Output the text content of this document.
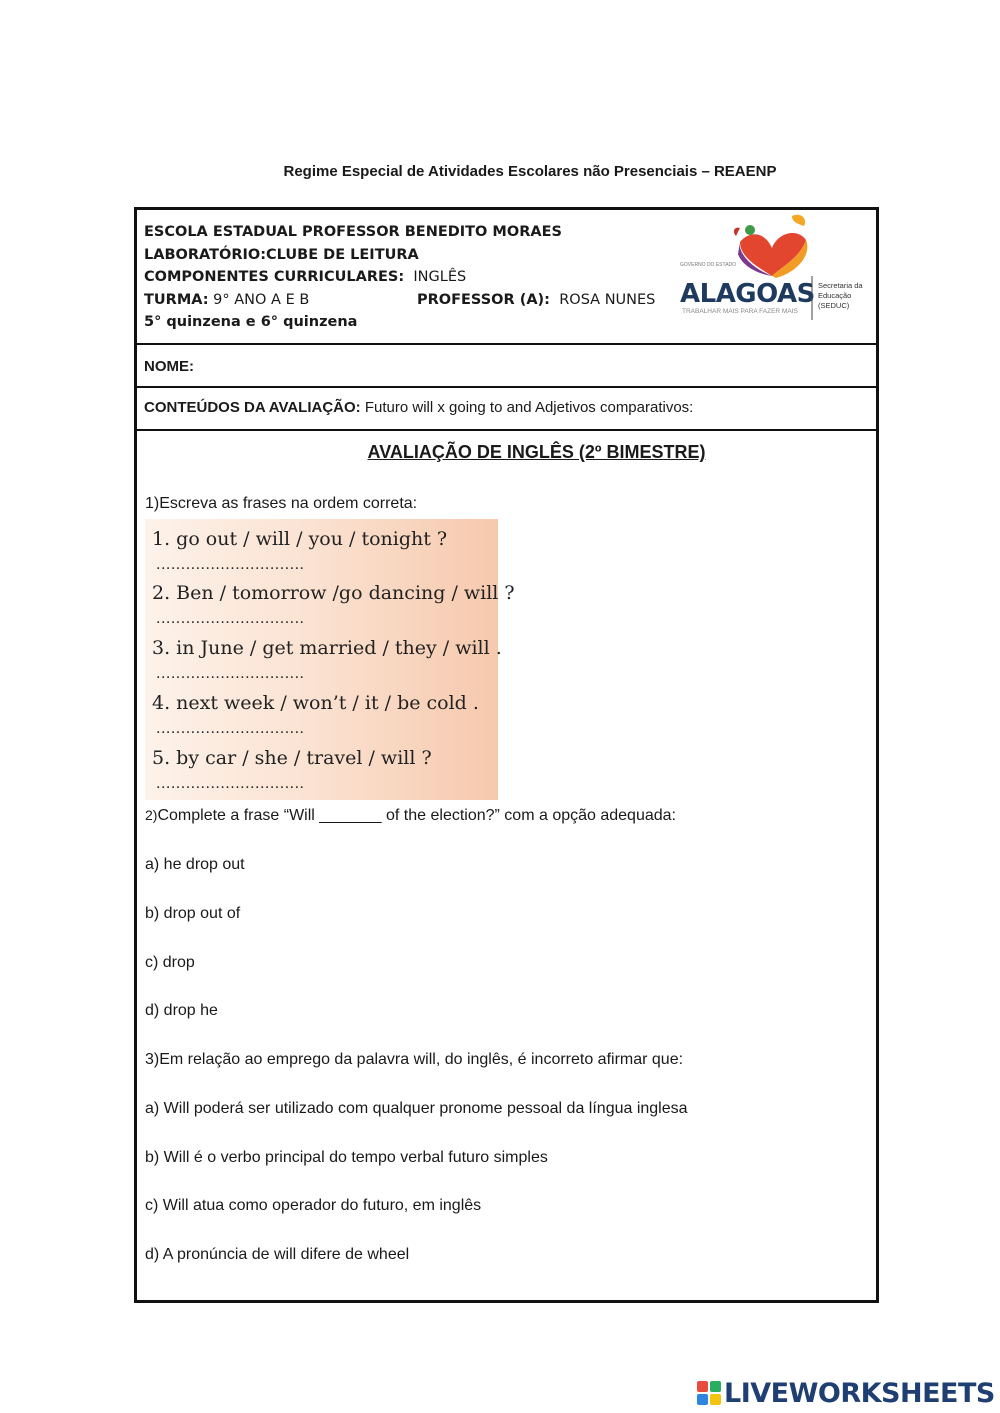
Regime Especial de Atividades Escolares não Presenciais – REAENP
ESCOLA ESTADUAL PROFESSOR BENEDITO MORAES
LABORATÓRIO:CLUBE DE LEITURA
COMPONENTES CURRICULARES: INGLÊS
TURMA: 9° ANO A E B	PROFESSOR (A): ROSA NUNES
5° quinzena e 6° quinzena
GOVERNO DO ESTADO
ALAGOAS
TRABALHAR MAIS PARA FAZER MAIS
Secretaria da
Educação
(SEDUC)
NOME:
CONTEÚDOS DA AVALIAÇÃO: Futuro will x going to and Adjetivos comparativos:
AVALIAÇÃO DE INGLÊS (2º BIMESTRE)
1)Escreva as frases na ordem correta:
1. go out / will / you / tonight ?
..............................
2. Ben / tomorrow /go dancing / will ?
..............................
3. in June / get married / they / will .
..............................
4. next week / won’t / it / be cold .
..............................
5. by car / she / travel / will ?
..............................
2)Complete a frase “Will _______ of the election?” com a opção adequada:
a) he drop out
b) drop out of
c) drop
d) drop he
3)Em relação ao emprego da palavra will, do inglês, é incorreto afirmar que:
a) Will poderá ser utilizado com qualquer pronome pessoal da língua inglesa
b) Will é o verbo principal do tempo verbal futuro simples
c) Will atua como operador do futuro, em inglês
d) A pronúncia de will difere de wheel
LIVEWORKSHEETS
